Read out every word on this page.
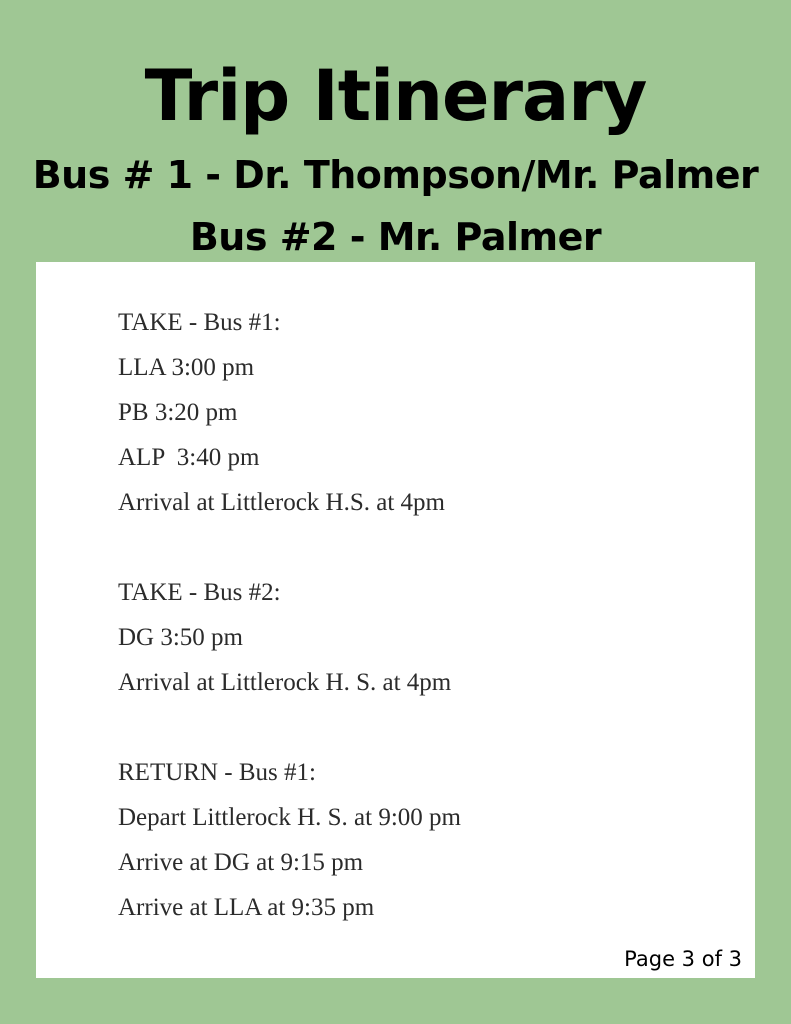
Trip Itinerary
Bus # 1 - Dr. Thompson/Mr. Palmer
Bus #2 - Mr. Palmer
TAKE - Bus #1:
LLA 3:00 pm
PB 3:20 pm
ALP  3:40 pm
Arrival at Littlerock H.S. at 4pm
TAKE - Bus #2:
DG 3:50 pm
Arrival at Littlerock H. S. at 4pm
RETURN - Bus #1:
Depart Littlerock H. S. at 9:00 pm
Arrive at DG at 9:15 pm
Arrive at LLA at 9:35 pm
Page 3 of 3
